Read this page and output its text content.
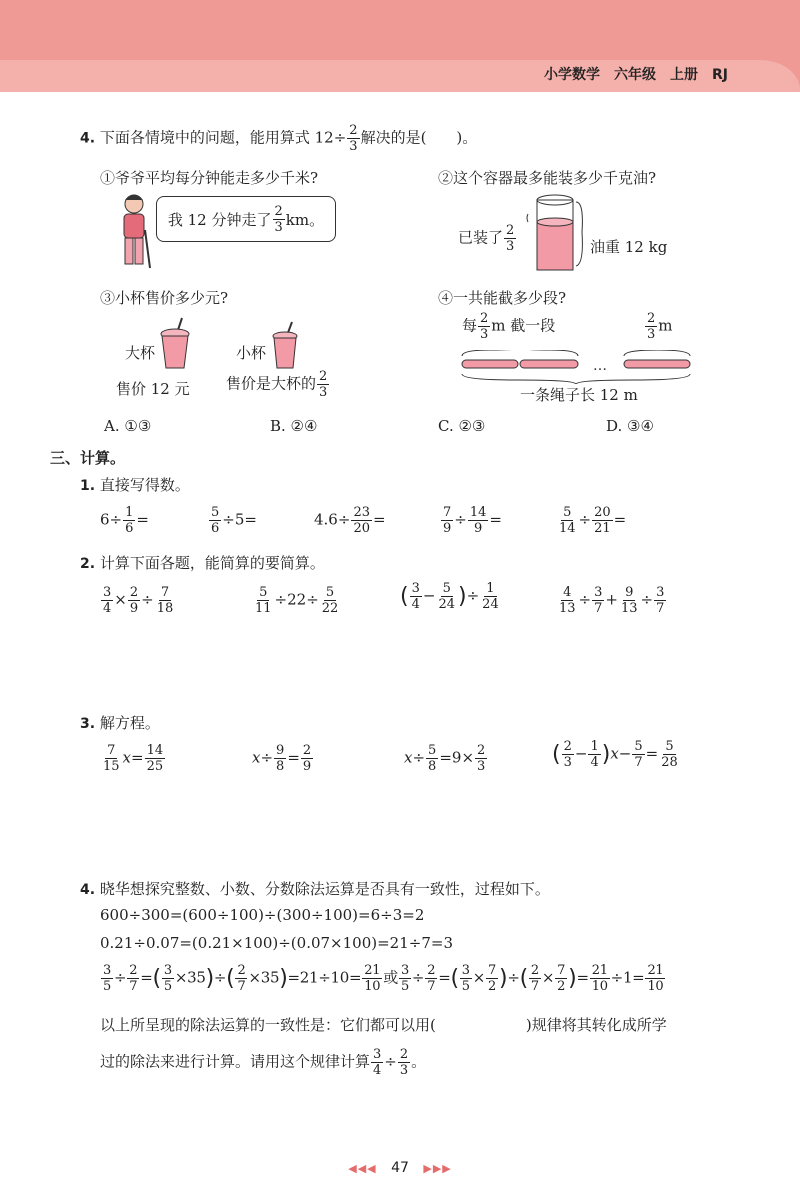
小学数学　六年级　上册　RJ
4. 下面各情境中的问题，能用算式 $12\div \frac{2}{3}$ 解决的是(　　)。
①爷爷平均每分钟能走多少千米?	②这个容器最多能装多少千克油?
我 12 分钟走了 $\frac{2}{3}$ km。
已装了 $\frac{2}{3}$	油重 12 kg
③小杯售价多少元?	④一共能截多少段?
大杯	小杯
售价 12 元 售价是大杯的 $\frac{2}{3}$
每 $\frac{2}{3}$ m 截一段	$\frac{2}{3}$ m
…
一条绳子长 12 m
A. ①③	B. ②④	C. ②③	D. ③④
三、计算。
1. 直接写得数。
$6\div \frac{1}{6}$ =	$\frac{5}{6} \div 5=$	$4.6\div \frac{23}{20}$ =	$\frac{7}{9} \div \frac{14}{9}$ =	$\frac{5}{14} \div \frac{20}{21}$ =
2. 计算下面各题，能简算的要简算。
$\frac{3}{4} \times \frac{2}{9} \div \frac{7}{18}$	$\frac{5}{11} \div 22\div \frac{5}{22}$	( $\frac{3}{4} - \frac{5}{24}$ )÷ $\frac{1}{24}$	$\frac{4}{13} \div \frac{3}{7} + \frac{9}{13} \div \frac{3}{7}$
3. 解方程。
$\frac{7}{15} x= \frac{14}{25}$	$x\div \frac{9}{8} = \frac{2}{9}$	$x\div \frac{5}{8} =9\times \frac{2}{3}$	( $\frac{2}{3} - \frac{1}{4} )x- \frac{5}{7} = \frac{5}{28}$
4. 晓华想探究整数、小数、分数除法运算是否具有一致性，过程如下。
600÷300=(600÷100)÷(300÷100)=6÷3=2
0.21÷0.07=(0.21×100)÷(0.07×100)=21÷7=3
$\frac{3}{5} \div \frac{2}{7}$ =( $\frac{3}{5} \times 35)\div( \frac{2}{7} \times 35)=21\div 10= \frac{21}{10}$ 或 $\frac{3}{5} \div \frac{2}{7}$ =( $\frac{3}{5} \times \frac{7}{2}$ )÷( $\frac{2}{7} \times \frac{7}{2}$ )= $\frac{21}{10} \div 1= \frac{21}{10}$
以上所呈现的除法运算的一致性是：它们都可以用(	)规律将其转化成所学
过的除法来进行计算。请用这个规律计算 $\frac{3}{4} \div \frac{2}{3}$ 。
◀◀◀ 47 ▶▶▶
